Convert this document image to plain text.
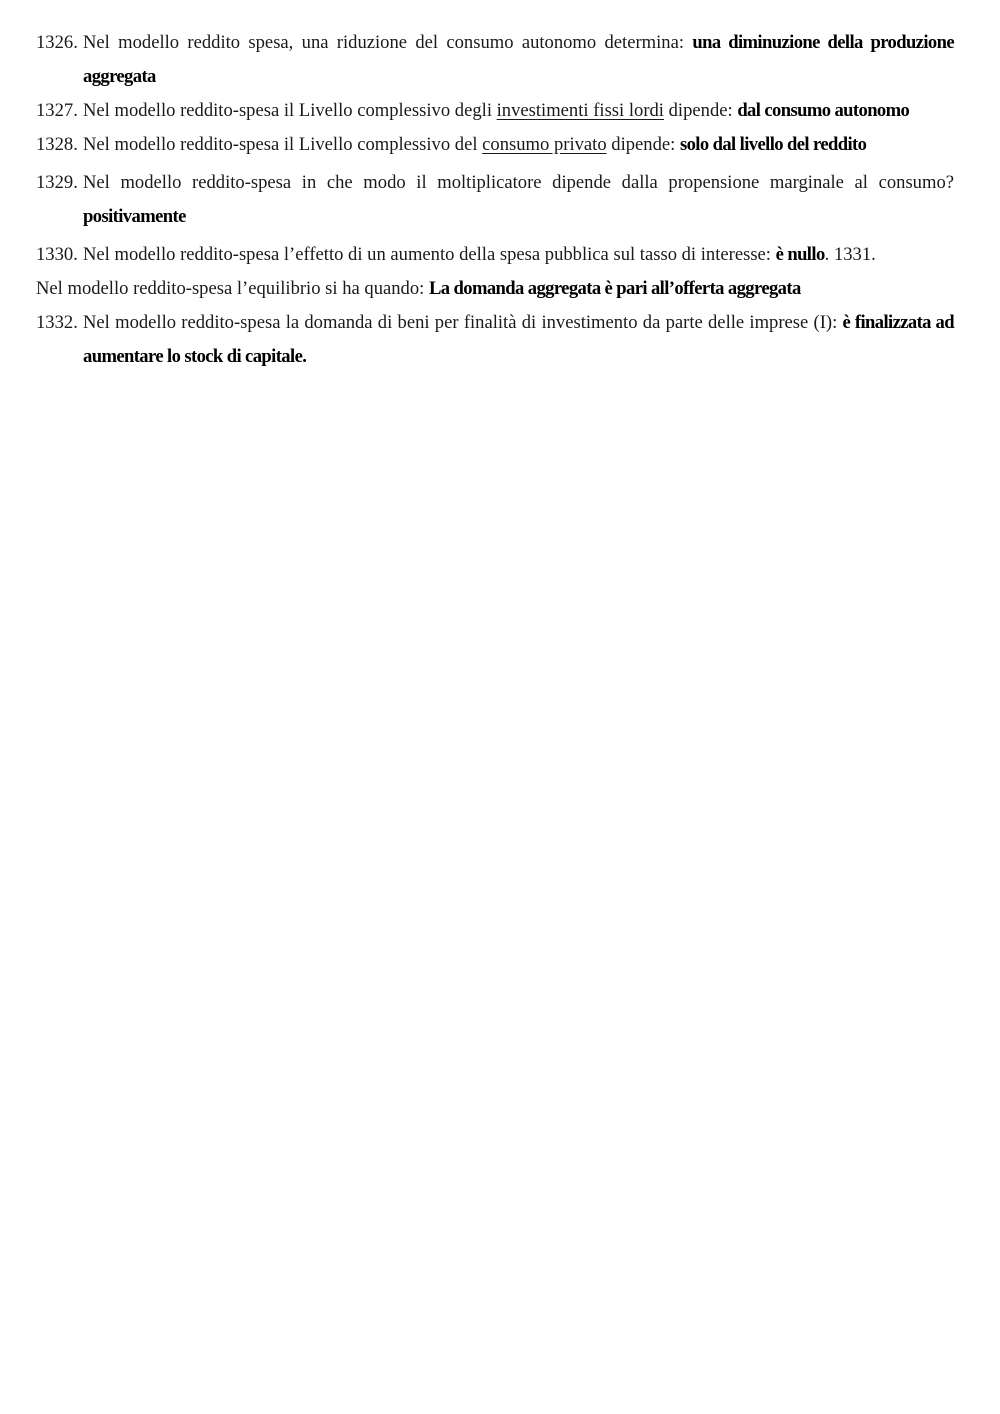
1326. Nel modello reddito spesa, una riduzione del consumo autonomo determina: una diminuzione della produzione aggregata

1327. Nel modello reddito-spesa il Livello complessivo degli investimenti fissi lordi dipende: dal consumo autonomo

1328. Nel modello reddito-spesa il Livello complessivo del consumo privato dipende: solo dal livello del reddito

1329. Nel modello reddito-spesa in che modo il moltiplicatore dipende dalla propensione marginale al consumo? positivamente

1330. Nel modello reddito-spesa l’effetto di un aumento della spesa pubblica sul tasso di interesse: è nullo. 1331.

Nel modello reddito-spesa l’equilibrio si ha quando: La domanda aggregata è pari all’offerta aggregata

1332. Nel modello reddito-spesa la domanda di beni per finalità di investimento da parte delle imprese (I): è finalizzata ad aumentare lo stock di capitale.
